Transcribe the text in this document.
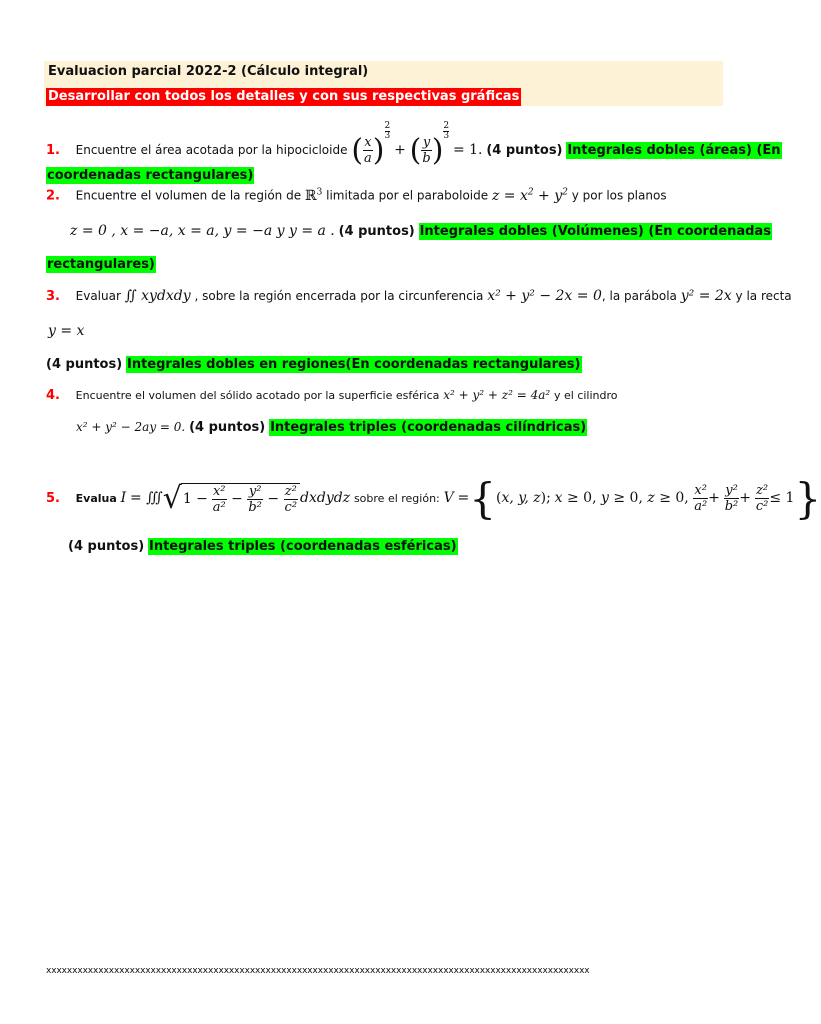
Evaluacion parcial 2022-2 (Cálculo integral)
Desarrollar con todos los detalles y con sus respectivas gráficas
1. Encuentre el área acotada por la hipocicloide ( $\frac{x}{a}$ )
$\frac{2}{3}$
+ ( $\frac{y}{b}$ )
$\frac{2}{3}$
= 1. (4 puntos) Integrales dobles (áreas) (En
coordenadas rectangulares)
2. Encuentre el volumen de la región de ℝ$^3$ limitada por el paraboloide $z = x^2 + y^2$ y por los planos
z = 0 , x = −a, x = a, y = −a y y = a . (4 puntos) Integrales dobles (Volúmenes) (En coordenadas
rectangulares)
3. Evaluar ∬ xydxdy , sobre la región encerrada por la circunferencia x² + y² − 2x = 0, la parábola y² = 2x y la recta
y = x
(4 puntos) Integrales dobles en regiones(En coordenadas rectangulares)
4. Encuentre el volumen del sólido acotado por la superficie esférica x² + y² + z² = 4a² y el cilindro
x² + y² − 2ay = 0. (4 puntos) Integrales triples (coordenadas cilíndricas)
5. Evalua I = ∭√1 − $\frac{\text{x²}}{\text{a²}} - \frac{\text{y²}}{\text{b²}} - \frac{\text{z²}}{\text{c²}}$ dxdydz sobre el región: V ={(x, y, z); x ≥ 0, y ≥ 0, z ≥ 0, $\frac{\text{x²}}{\text{a²}} + \frac{\text{y²}}{\text{b²}} + \frac{\text{z²}}{\text{c²}} \le 1$}
(4 puntos) Integrales triples (coordenadas esféricas)
xxxxxxxxxxxxxxxxxxxxxxxxxxxxxxxxxxxxxxxxxxxxxxxxxxxxxxxxxxxxxxxxxxxxxxxxxxxxxxxxxxxxxxxxxxxxxxxxxxxxxxxx
